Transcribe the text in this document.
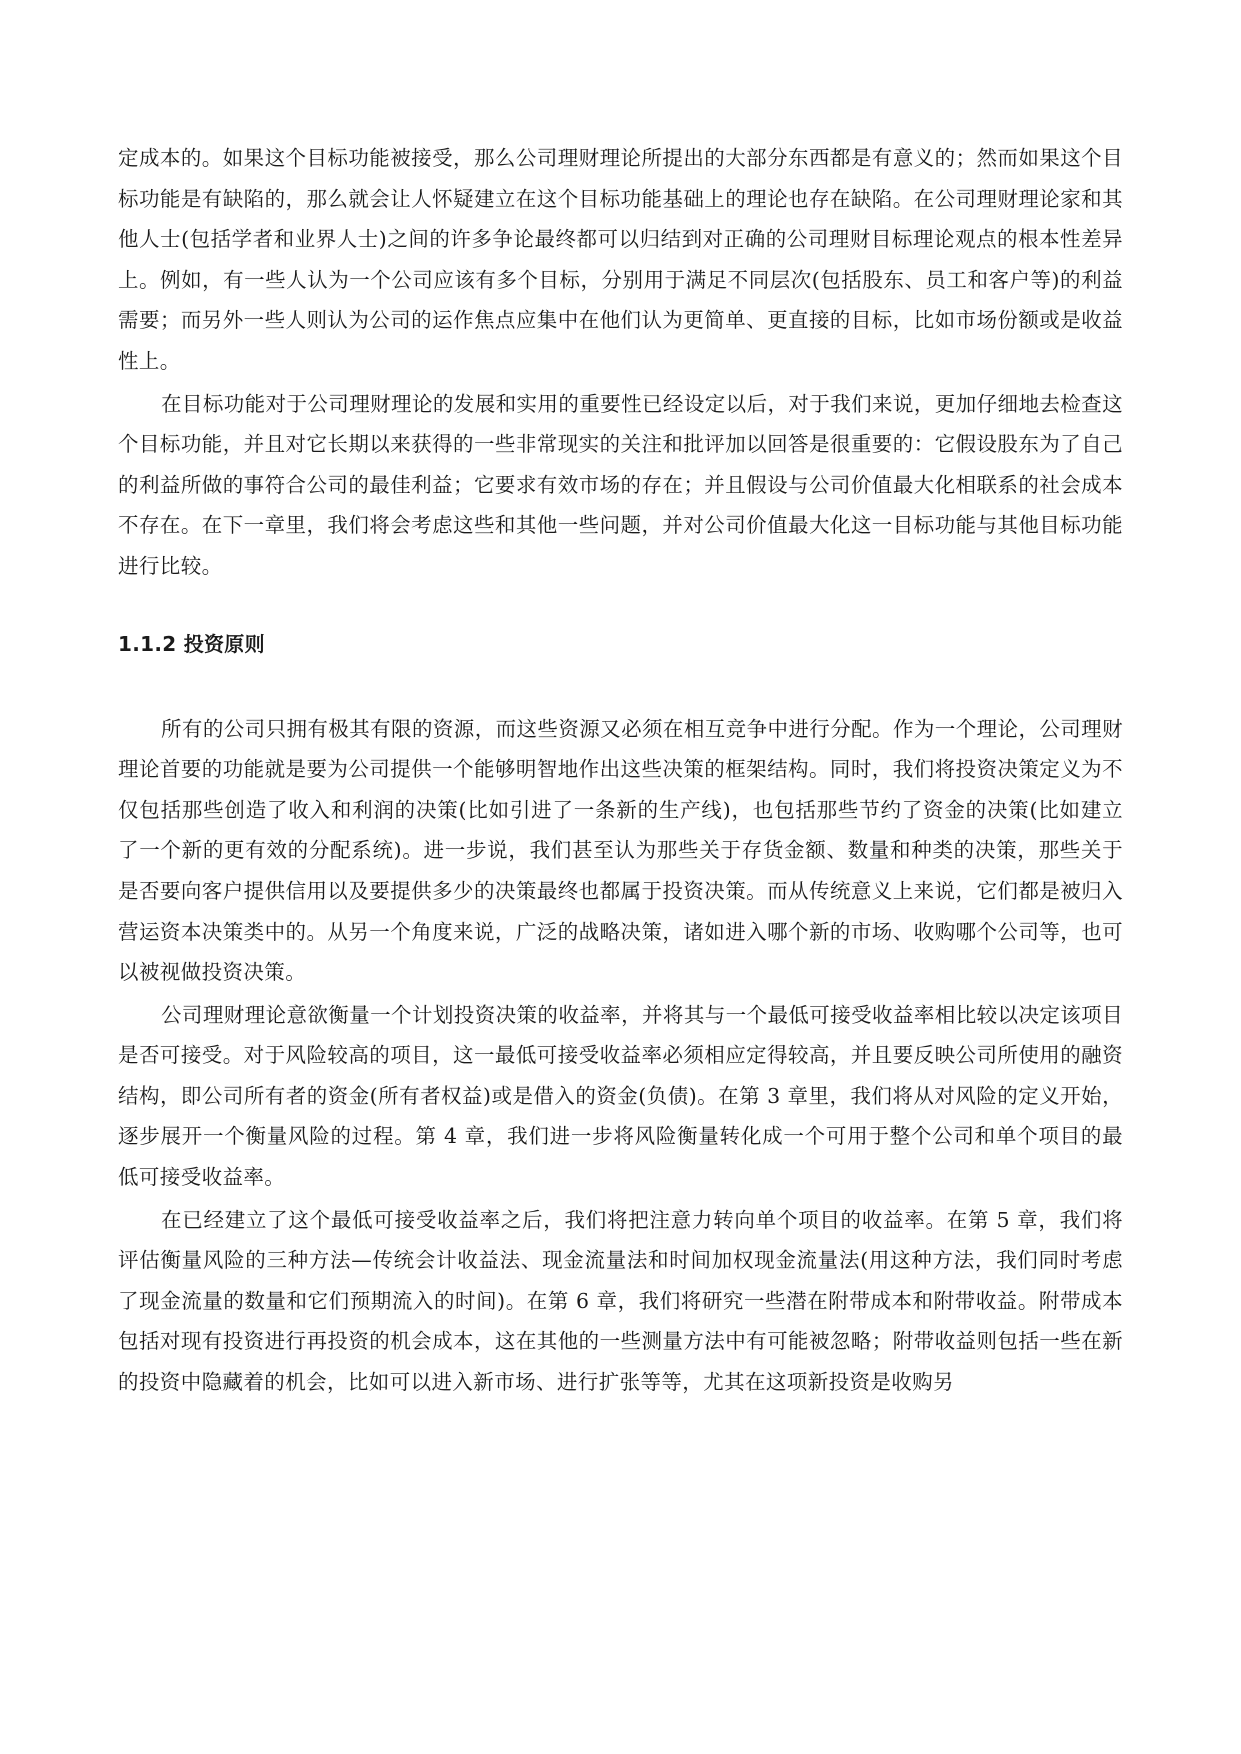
定成本的。如果这个目标功能被接受，那么公司理财理论所提出的大部分东西都是有意义的；然而如果这个目标功能是有缺陷的，那么就会让人怀疑建立在这个目标功能基础上的理论也存在缺陷。在公司理财理论家和其他人士(包括学者和业界人士)之间的许多争论最终都可以归结到对正确的公司理财目标理论观点的根本性差异上。例如，有一些人认为一个公司应该有多个目标，分别用于满足不同层次(包括股东、员工和客户等)的利益需要；而另外一些人则认为公司的运作焦点应集中在他们认为更简单、更直接的目标，比如市场份额或是收益性上。

在目标功能对于公司理财理论的发展和实用的重要性已经设定以后，对于我们来说，更加仔细地去检查这个目标功能，并且对它长期以来获得的一些非常现实的关注和批评加以回答是很重要的：它假设股东为了自己的利益所做的事符合公司的最佳利益；它要求有效市场的存在；并且假设与公司价值最大化相联系的社会成本不存在。在下一章里，我们将会考虑这些和其他一些问题，并对公司价值最大化这一目标功能与其他目标功能进行比较。

1.1.2 投资原则

所有的公司只拥有极其有限的资源，而这些资源又必须在相互竞争中进行分配。作为一个理论，公司理财理论首要的功能就是要为公司提供一个能够明智地作出这些决策的框架结构。同时，我们将投资决策定义为不仅包括那些创造了收入和利润的决策(比如引进了一条新的生产线)，也包括那些节约了资金的决策(比如建立了一个新的更有效的分配系统)。进一步说，我们甚至认为那些关于存货金额、数量和种类的决策，那些关于是否要向客户提供信用以及要提供多少的决策最终也都属于投资决策。而从传统意义上来说，它们都是被归入营运资本决策类中的。从另一个角度来说，广泛的战略决策，诸如进入哪个新的市场、收购哪个公司等，也可以被视做投资决策。

公司理财理论意欲衡量一个计划投资决策的收益率，并将其与一个最低可接受收益率相比较以决定该项目是否可接受。对于风险较高的项目，这一最低可接受收益率必须相应定得较高，并且要反映公司所使用的融资结构，即公司所有者的资金(所有者权益)或是借入的资金(负债)。在第 3 章里，我们将从对风险的定义开始，逐步展开一个衡量风险的过程。第 4 章，我们进一步将风险衡量转化成一个可用于整个公司和单个项目的最低可接受收益率。

在已经建立了这个最低可接受收益率之后，我们将把注意力转向单个项目的收益率。在第 5 章，我们将评估衡量风险的三种方法—传统会计收益法、现金流量法和时间加权现金流量法(用这种方法，我们同时考虑了现金流量的数量和它们预期流入的时间)。在第 6 章，我们将研究一些潜在附带成本和附带收益。附带成本包括对现有投资进行再投资的机会成本，这在其他的一些测量方法中有可能被忽略；附带收益则包括一些在新的投资中隐藏着的机会，比如可以进入新市场、进行扩张等等，尤其在这项新投资是收购另
